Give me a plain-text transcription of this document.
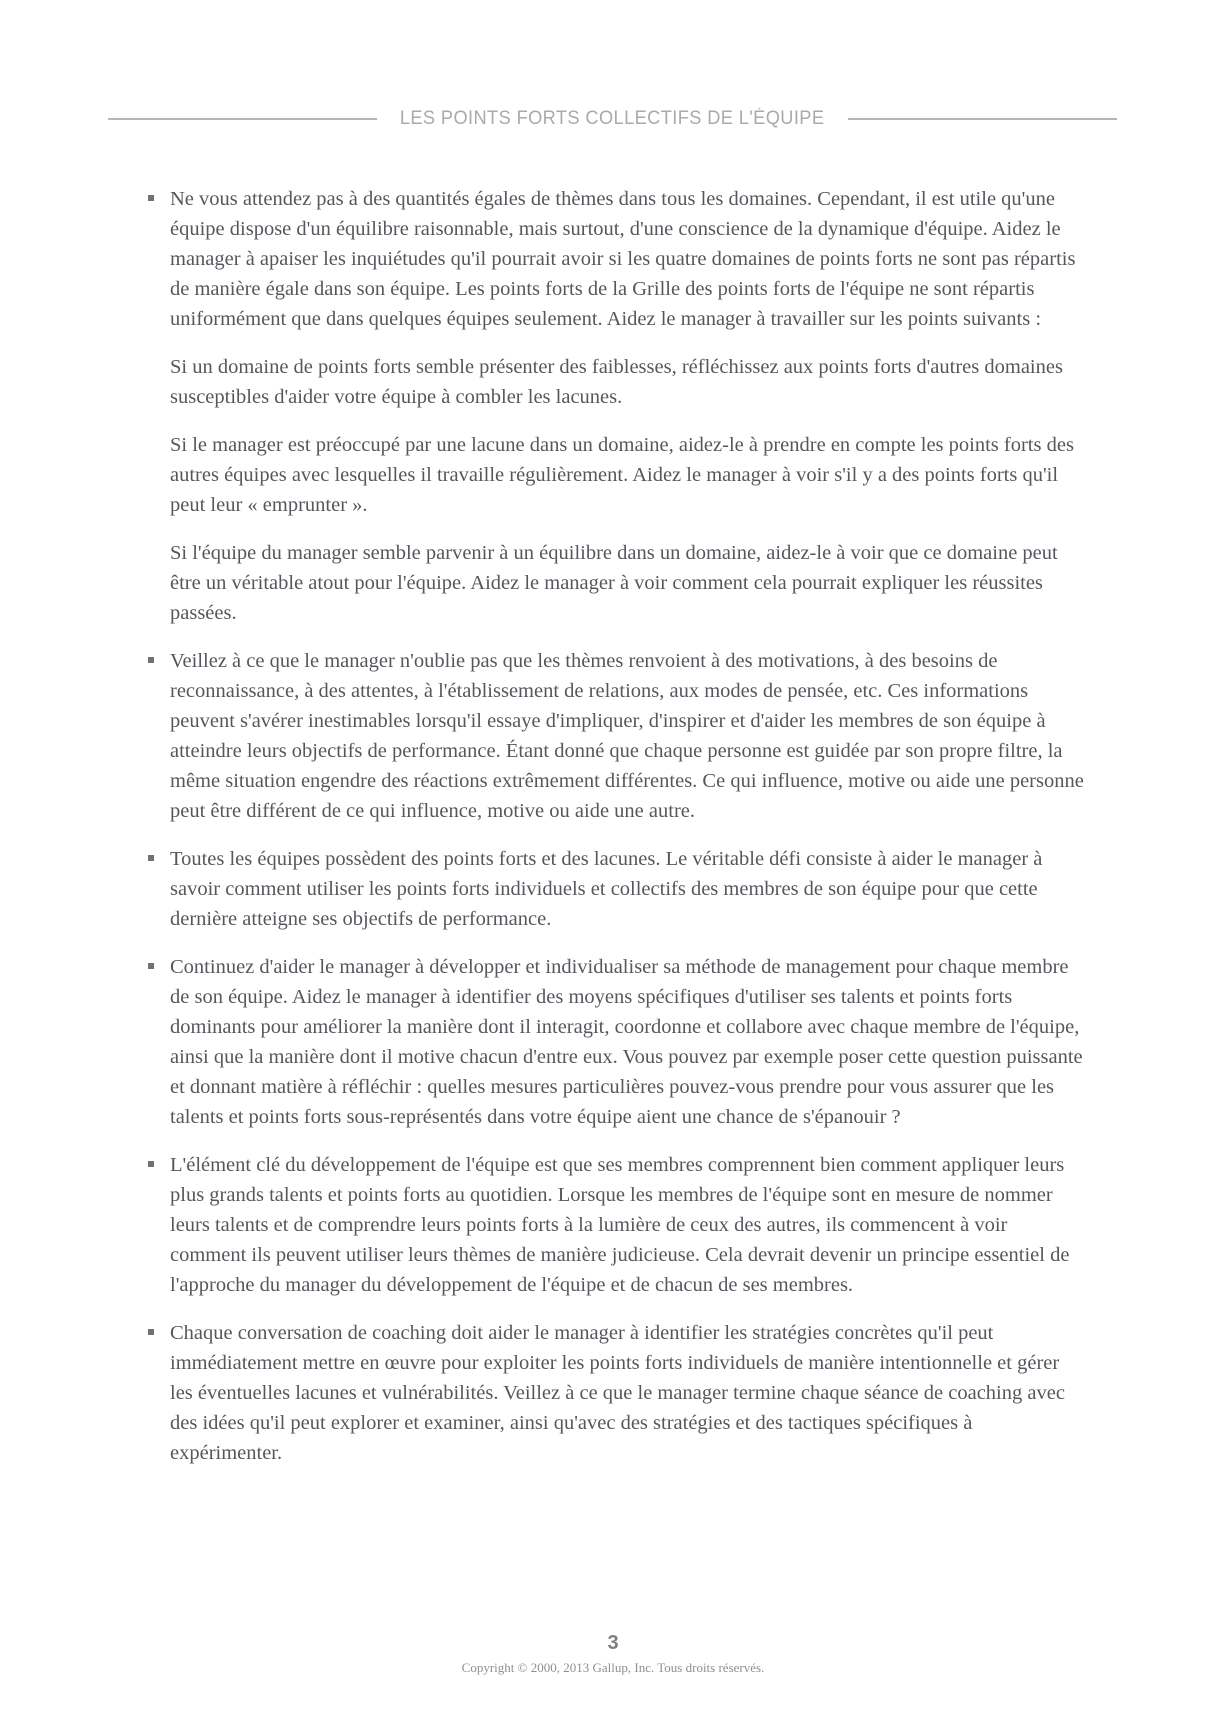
LES POINTS FORTS COLLECTIFS DE L'ÉQUIPE
Ne vous attendez pas à des quantités égales de thèmes dans tous les domaines. Cependant, il est utile qu'une équipe dispose d'un équilibre raisonnable, mais surtout, d'une conscience de la dynamique d'équipe. Aidez le manager à apaiser les inquiétudes qu'il pourrait avoir si les quatre domaines de points forts ne sont pas répartis de manière égale dans son équipe. Les points forts de la Grille des points forts de l'équipe ne sont répartis uniformément que dans quelques équipes seulement. Aidez le manager à travailler sur les points suivants :
Si un domaine de points forts semble présenter des faiblesses, réfléchissez aux points forts d'autres domaines susceptibles d'aider votre équipe à combler les lacunes.
Si le manager est préoccupé par une lacune dans un domaine, aidez-le à prendre en compte les points forts des autres équipes avec lesquelles il travaille régulièrement. Aidez le manager à voir s'il y a des points forts qu'il peut leur « emprunter ».
Si l'équipe du manager semble parvenir à un équilibre dans un domaine, aidez-le à voir que ce domaine peut être un véritable atout pour l'équipe. Aidez le manager à voir comment cela pourrait expliquer les réussites passées.
Veillez à ce que le manager n'oublie pas que les thèmes renvoient à des motivations, à des besoins de reconnaissance, à des attentes, à l'établissement de relations, aux modes de pensée, etc. Ces informations peuvent s'avérer inestimables lorsqu'il essaye d'impliquer, d'inspirer et d'aider les membres de son équipe à atteindre leurs objectifs de performance. Étant donné que chaque personne est guidée par son propre filtre, la même situation engendre des réactions extrêmement différentes. Ce qui influence, motive ou aide une personne peut être différent de ce qui influence, motive ou aide une autre.
Toutes les équipes possèdent des points forts et des lacunes. Le véritable défi consiste à aider le manager à savoir comment utiliser les points forts individuels et collectifs des membres de son équipe pour que cette dernière atteigne ses objectifs de performance.
Continuez d'aider le manager à développer et individualiser sa méthode de management pour chaque membre de son équipe. Aidez le manager à identifier des moyens spécifiques d'utiliser ses talents et points forts dominants pour améliorer la manière dont il interagit, coordonne et collabore avec chaque membre de l'équipe, ainsi que la manière dont il motive chacun d'entre eux. Vous pouvez par exemple poser cette question puissante et donnant matière à réfléchir : quelles mesures particulières pouvez-vous prendre pour vous assurer que les talents et points forts sous-représentés dans votre équipe aient une chance de s'épanouir ?
L'élément clé du développement de l'équipe est que ses membres comprennent bien comment appliquer leurs plus grands talents et points forts au quotidien. Lorsque les membres de l'équipe sont en mesure de nommer leurs talents et de comprendre leurs points forts à la lumière de ceux des autres, ils commencent à voir comment ils peuvent utiliser leurs thèmes de manière judicieuse. Cela devrait devenir un principe essentiel de l'approche du manager du développement de l'équipe et de chacun de ses membres.
Chaque conversation de coaching doit aider le manager à identifier les stratégies concrètes qu'il peut immédiatement mettre en œuvre pour exploiter les points forts individuels de manière intentionnelle et gérer les éventuelles lacunes et vulnérabilités. Veillez à ce que le manager termine chaque séance de coaching avec des idées qu'il peut explorer et examiner, ainsi qu'avec des stratégies et des tactiques spécifiques à expérimenter.
3
Copyright © 2000, 2013 Gallup, Inc. Tous droits réservés.
